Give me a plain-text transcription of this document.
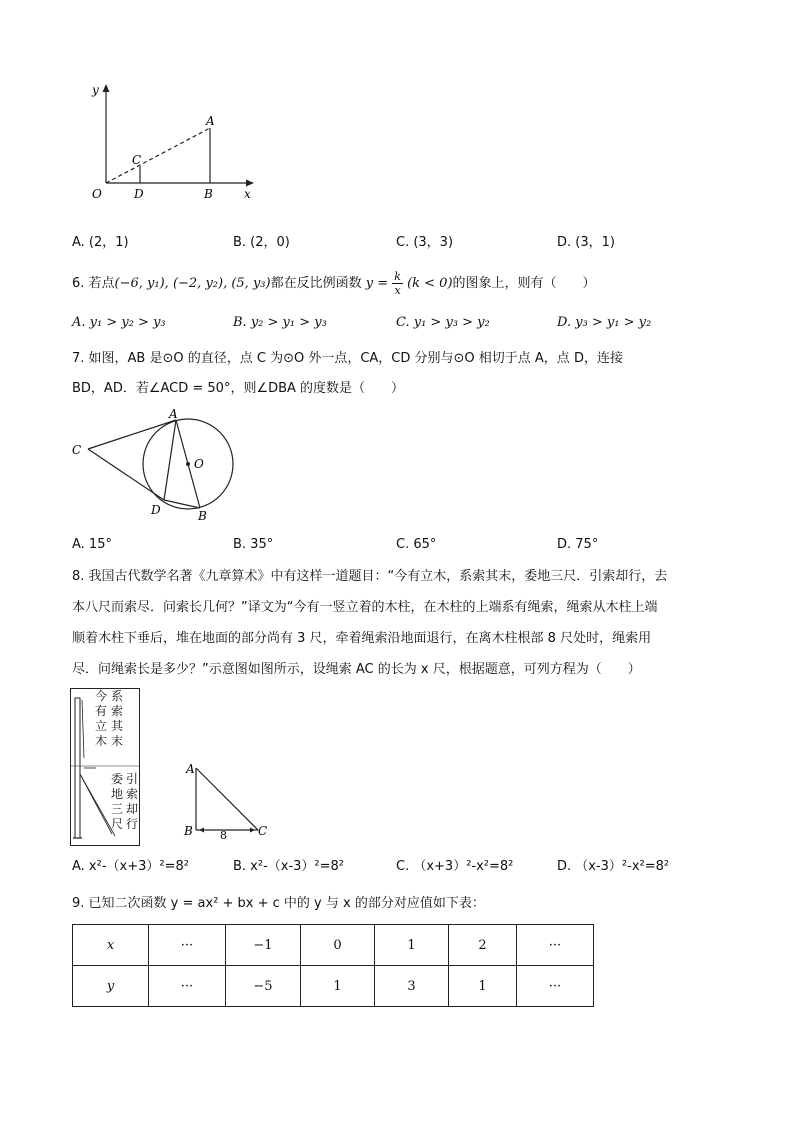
y
x
O
A
B
C
D
A. (2，1)	B. (2，0)	C. (3，3)	D. (3，1)
6. 若点(−6, y₁), (−2, y₂), (5, y₃)都在反比例函数 $y = \frac{k}{x} (k < 0)$的图象上，则有（　　）
A. y₁ > y₂ > y₃	B. y₂ > y₁ > y₃	C. y₁ > y₃ > y₂	D. y₃ > y₁ > y₂
7. 如图，AB 是⊙O 的直径，点 C 为⊙O 外一点，CA，CD 分别与⊙O 相切于点 A，点 D，连接
BD，AD．若∠ACD = 50°，则∠DBA 的度数是（　　）
A
C
O
D	B
A. 15°	B. 35°	C. 65°	D. 75°
8. 我国古代数学名著《九章算术》中有这样一道题目：“今有立木，系索其末，委地三尺．引索却行，去
本八尺而索尽．问索长几何？”译文为“今有一竖立着的木柱，在木柱的上端系有绳索，绳索从木柱上端
顺着木柱下垂后，堆在地面的部分尚有 3 尺，牵着绳索沿地面退行，在离木柱根部 8 尺处时，绳索用
尽．问绳索长是多少？”示意图如图所示，设绳索 AC 的长为 x 尺，根据题意，可列方程为（　　）
今
有
立
木
系
索
其
末
委
地
三
尺
引
索
却
行
A
B	C
8
A. x²-（x+3）²=8²	B. x²-（x-3）²=8²	C. （x+3）²-x²=8²	D. （x-3）²-x²=8²
9. 已知二次函数 y = ax² + bx + c 中的 y 与 x 的部分对应值如下表：
x	···	−1	0	1	2	···
y	···	−5	1	3	1	···
